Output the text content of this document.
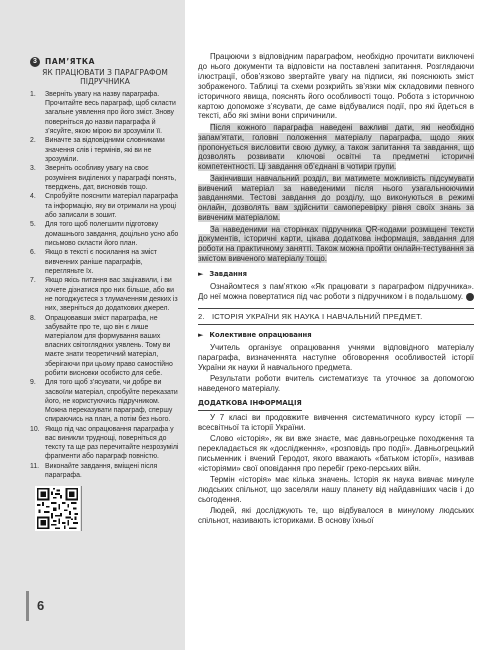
3	ПАМ’ЯТКА
ЯК ПРАЦЮВАТИ З ПАРАГРАФОМ ПІДРУЧНИКА
1. Зверніть увагу на назву параграфа. Прочитайте весь параграф, щоб скласти загальне уявлення про його зміст. Знову поверніться до назви параграфа й з’ясуйте, якою мірою ви зрозуміли її.
2. Виначте за відповідними словниками значення слів і термінів, які ви не зрозуміли.
3. Зверніть особливу увагу на своє розуміння виділених у параграфі понять, тверджень, дат, висновків тощо.
4. Спробуйте пояснити матеріал параграфа та інформацію, яку ви отримали на уроці або записали в зошит.
5. Для того щоб полегшити підготовку домашнього завдання, доцільно усно або письмово скласти його план.
6. Якщо в тексті є посилання на зміст вивченних раніше параграфів, перегляньте їх.
7. Якщо якісь питання вас зацікавили, і ви хочете дізнатися про них більше, або ви не погоджуєтеся з тлумаченням деяких із них, зверніться до додаткових джерел.
8. Опрацювавши зміст параграфа, не забувайте про те, що він є лише матеріалом для формування ваших власних світоглядних уявлень. Тому ви маєте знати теоретичний матеріал, зберігаючи при цьому право самостійно робити висновки особисто для себе.
9. Для того щоб з’ясувати, чи добре ви засвоїли матеріал, спробуйте переказати його, не користуючись підручником. Можна переказувати параграф, спершу спираючись на план, а потім без нього.
10. Якщо під час опрацювання параграфа у вас виникли труднощі, поверніться до тексту та ще раз перечитайте незрозумілі фрагменти або параграф повністю.
11. Виконайте завдання, вміщені після параграфа.
6

Працюючи з відповідним параграфом, необхідно прочитати виключені до нього документи та відповісти на поставлені запитання. Розглядаючи ілюстрації, обов’язково звертайте увагу на підписи, які пояснюють зміст зображеного. Таблиці та схеми розкрийть зв’язки між складовими певного історичного явища, пояснять його особливості тощо. Робота з історичною картою допоможе з’ясувати, де саме відбувалися події, про які йдеться в тексті, або які зміни вони спричинили.

Після кожного параграфа наведені важливі дати, які необхідно запам’ятати, головні положення матеріалу параграфа, щодо яких пропонується висловити свою думку, а також запитання та завдання, що дозволять розвивати ключові освітні та предметні історичні компетентності. Ці завдання об’єднані в чотири групи.

Закінчивши навчальний розділ, ви матимете можливість підсумувати вивчений матеріал за наведеними після нього узагальнюючими завданнями. Тестові завдання до розділу, що виконуються в режимі онлайн, дозволять вам здійснити самоперевірку рівня своїх знань за вивченим матеріалом.

За наведеними на сторінках підручника QR-кодами розміщені тексти документів, історичні карти, цікава додаткова інформація, завдання для роботи на практичному занятті. Також можна пройти онлайн-тестування за змістом вивченого матеріалу тощо.

► Завдання

Ознайомтеся з пам’яткою «Як працювати з параграфом підручника». До неї можна повертатися під час роботи з підручником і в подальшому.	3

2. ІСТОРІЯ УКРАЇНИ ЯК НАУКА І НАВЧАЛЬНИЙ ПРЕДМЕТ.
► Колективне опрацювання

Учитель організує опрацювання учнями відповідного матеріалу параграфа, визначеннята наступне обговорення особливостей історії України як науки й навчального предмета.

Результати роботи вчитель систематизує та уточнює за допомогою наведеного матеріалу.

ДОДАТКОВА ІНФОРМАЦІЯ

У 7 класі ви продовжите вивчення систематичного курсу історії — всесвітньої та історії України.

Слово «історія», як ви вже знаєте, має давньогрецьке походження та перекладається як «дослідження», «розповідь про події». Давньогрецький письменник і вчений Геродот, якого вважають «батьком історії», називав «історіями» свої оповідання про перебіг греко-перських війн.

Термін «історія» має кілька значень. Історія як наука вивчає минуле людських спільнот, що заселяли нашу планету від найдавніших часів і до сьогодення.

Людей, які досліджують те, що відбувалося в минулому людських спільнот, називають істориками. В основу їхньої
